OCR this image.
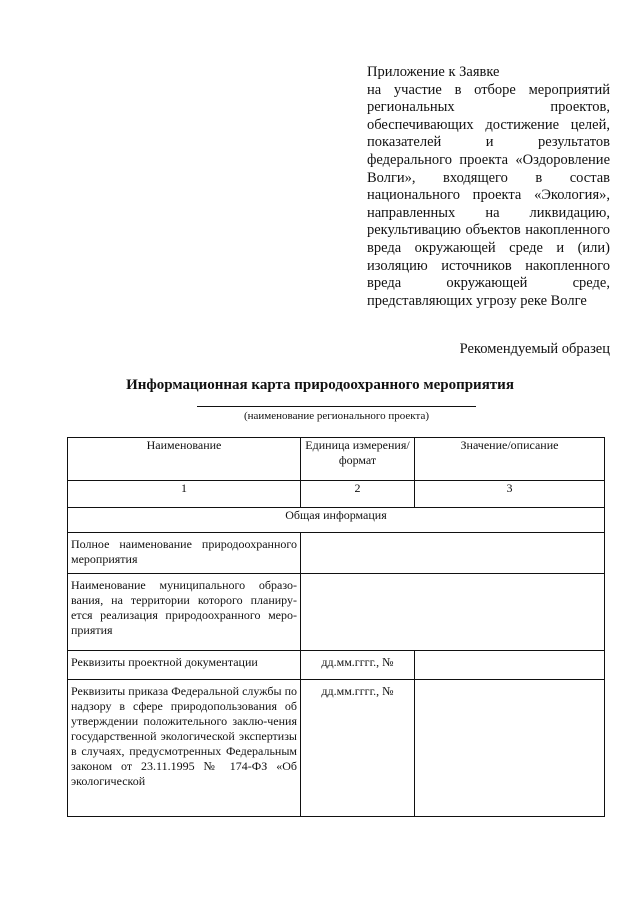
Приложение к Заявке

на участие в отборе мероприятий региональных проектов, обеспечивающих достижение целей, показателей и результатов федерального проекта «Оздоровление Волги», входящего в состав национального проекта «Экология», направленных на ликвидацию, рекультивацию объектов накопленного вреда окружающей среде и (или) изоляцию источников накопленного вреда окружающей среде, представляющих угрозу реке Волге

Рекомендуемый образец
Информационная карта природоохранного мероприятия
(наименование регионального проекта)
Наименование	Единица измерения/формат	Значение/описание
1	2	3
Общая информация		
Полное наименование природоохранного мероприятия		
Наименование муниципального образо-вания, на территории которого планиру-ется реализация природоохранного меро-приятия		
Реквизиты проектной документации	дд.мм.гггг., №	
Реквизиты приказа Федеральной службы по надзору в сфере природопользования об утверждении положительного заклю-чения государственной экологической экспертизы в случаях, предусмотренных Федеральным законом от 23.11.1995 № 174-ФЗ «Об экологической	дд.мм.гггг., №	
